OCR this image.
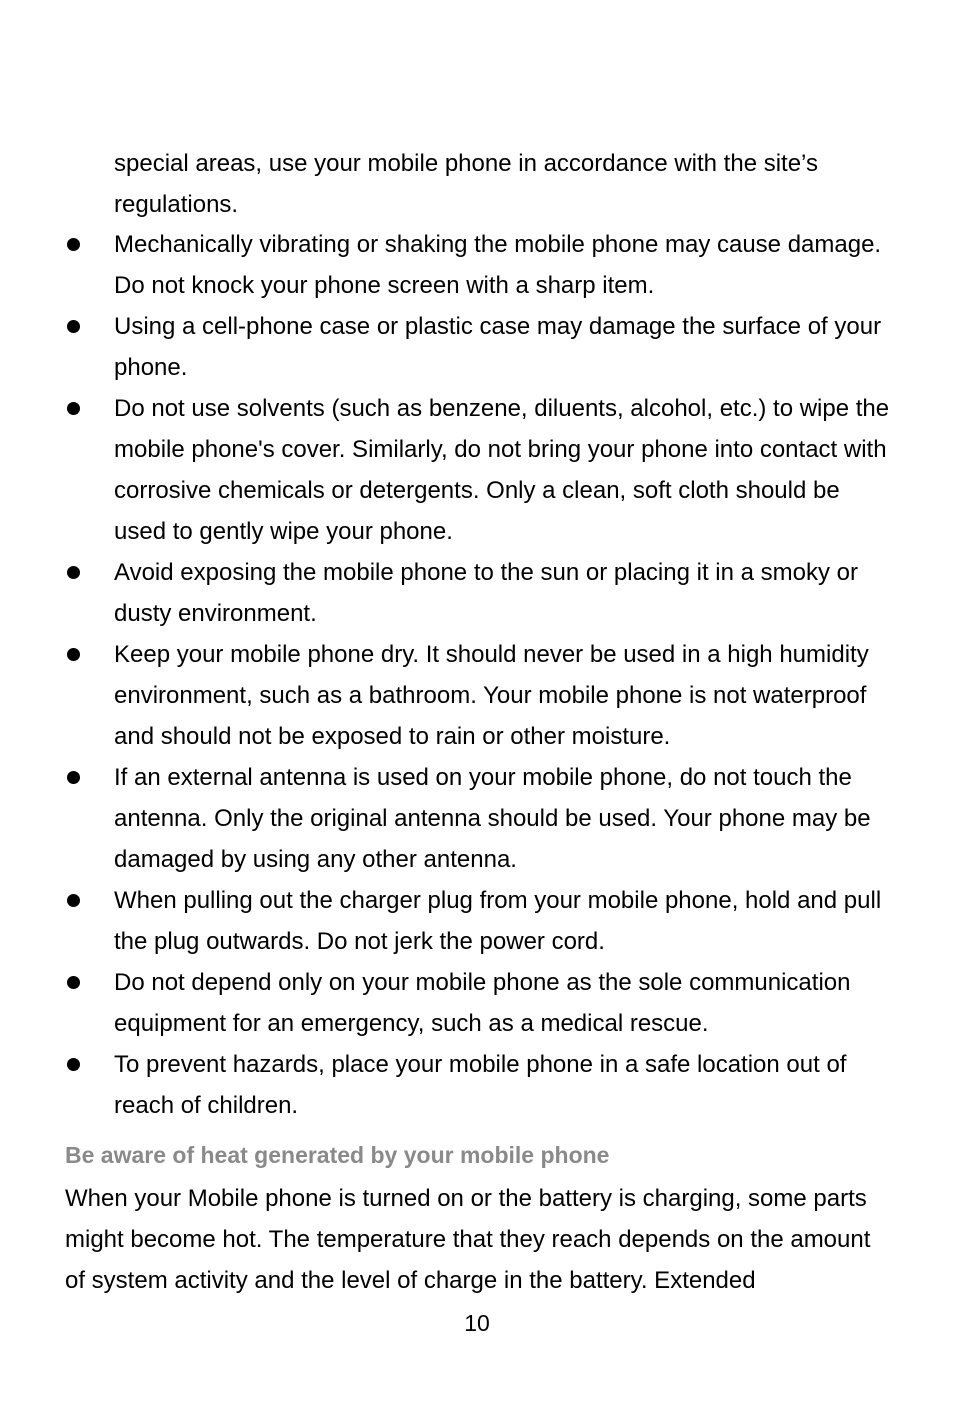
special areas, use your mobile phone in accordance with the site’s regulations.
Mechanically vibrating or shaking the mobile phone may cause damage. Do not knock your phone screen with a sharp item.
Using a cell-phone case or plastic case may damage the surface of your phone.
Do not use solvents (such as benzene, diluents, alcohol, etc.) to wipe the mobile phone's cover. Similarly, do not bring your phone into contact with corrosive chemicals or detergents. Only a clean, soft cloth should be used to gently wipe your phone.
Avoid exposing the mobile phone to the sun or placing it in a smoky or dusty environment.
Keep your mobile phone dry. It should never be used in a high humidity environment, such as a bathroom. Your mobile phone is not waterproof and should not be exposed to rain or other moisture.
If an external antenna is used on your mobile phone, do not touch the antenna. Only the original antenna should be used. Your phone may be damaged by using any other antenna.
When pulling out the charger plug from your mobile phone, hold and pull the plug outwards. Do not jerk the power cord.
Do not depend only on your mobile phone as the sole communication equipment for an emergency, such as a medical rescue.
To prevent hazards, place your mobile phone in a safe location out of reach of children.
Be aware of heat generated by your mobile phone
When your Mobile phone is turned on or the battery is charging, some parts might become hot. The temperature that they reach depends on the amount of system activity and the level of charge in the battery. Extended
10
